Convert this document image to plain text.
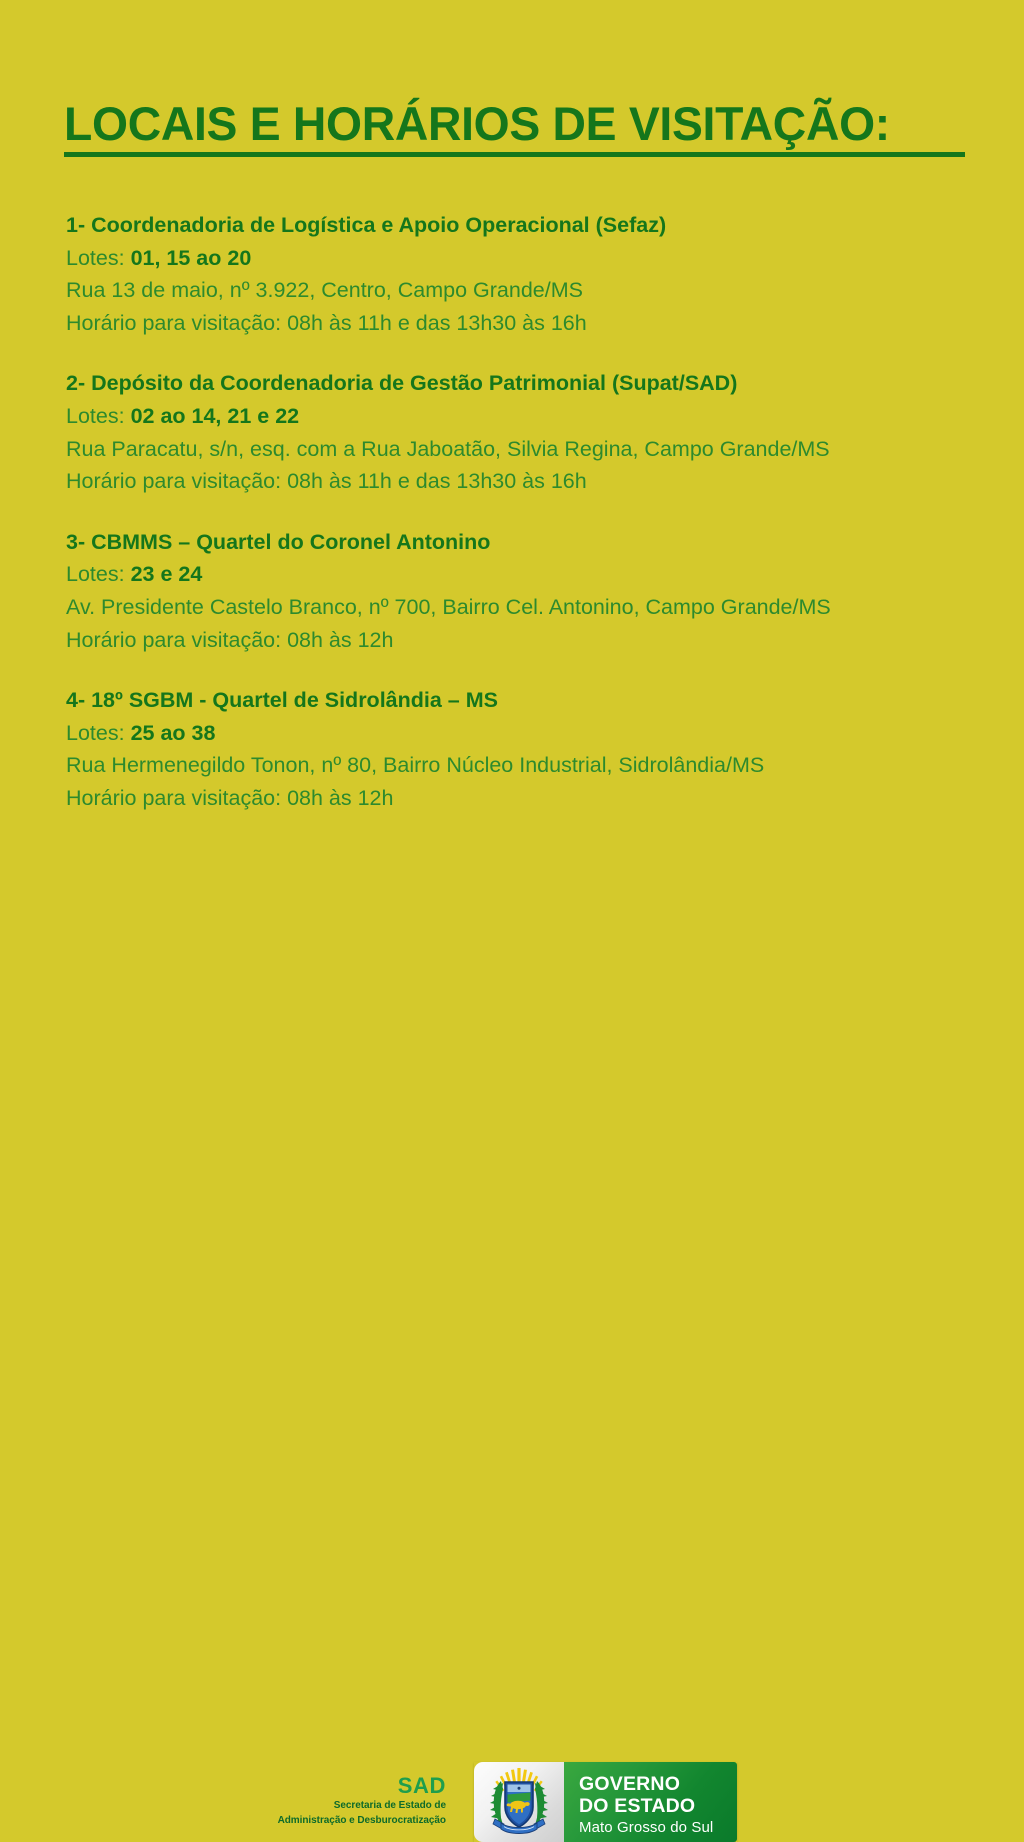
LOCAIS E HORÁRIOS DE VISITAÇÃO:
1- Coordenadoria de Logística e Apoio Operacional (Sefaz)
Lotes: 01, 15 ao 20
Rua 13 de maio, nº 3.922, Centro, Campo Grande/MS
Horário para visitação: 08h às 11h e das 13h30 às 16h
2- Depósito da Coordenadoria de Gestão Patrimonial (Supat/SAD)
Lotes: 02 ao 14, 21 e 22
Rua Paracatu, s/n, esq. com a Rua Jaboatão, Silvia Regina, Campo Grande/MS
Horário para visitação: 08h às 11h e das 13h30 às 16h
3- CBMMS – Quartel do Coronel Antonino
Lotes: 23 e 24
Av. Presidente Castelo Branco, nº 700, Bairro Cel. Antonino, Campo Grande/MS
Horário para visitação: 08h às 12h
4- 18º SGBM - Quartel de Sidrolândia – MS
Lotes: 25 ao 38
Rua Hermenegildo Tonon, nº 80, Bairro Núcleo Industrial, Sidrolândia/MS
Horário para visitação: 08h às 12h
SAD
Secretaria de Estado de
Administração e Desburocratização
GOVERNO
DO ESTADO
Mato Grosso do Sul
